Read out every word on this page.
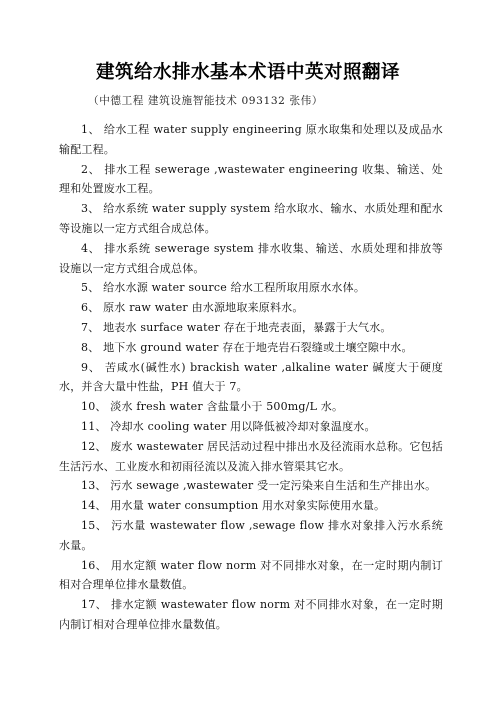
建筑给水排水基本术语中英对照翻译
（中德工程 建筑设施智能技术 093132 张伟）

1、 给水工程 water supply engineering 原水取集和处理以及成品水输配工程。

2、 排水工程 sewerage ,wastewater engineering 收集、输送、处理和处置废水工程。

3、 给水系统 water supply system 给水取水、输水、水质处理和配水等设施以一定方式组合成总体。

4、 排水系统 sewerage system 排水收集、输送、水质处理和排放等设施以一定方式组合成总体。

5、 给水水源 water source 给水工程所取用原水水体。

6、 原水 raw water 由水源地取来原料水。

7、 地表水 surface water 存在于地壳表面，暴露于大气水。

8、 地下水 ground water 存在于地壳岩石裂缝或土壤空隙中水。

9、 苦咸水(碱性水) brackish water ,alkaline water 碱度大于硬度水，并含大量中性盐，PH 值大于 7。

10、 淡水 fresh water 含盐量小于 500mg/L 水。

11、 冷却水 cooling water 用以降低被冷却对象温度水。

12、 废水 wastewater 居民活动过程中排出水及径流雨水总称。它包括生活污水、工业废水和初雨径流以及流入排水管渠其它水。

13、 污水 sewage ,wastewater 受一定污染来自生活和生产排出水。

14、 用水量 water consumption 用水对象实际使用水量。

15、 污水量 wastewater flow ,sewage flow 排水对象排入污水系统水量。

16、 用水定额 water flow norm 对不同排水对象，在一定时期内制订相对合理单位排水量数值。

17、 排水定额 wastewater flow norm 对不同排水对象，在一定时期内制订相对合理单位排水量数值。
